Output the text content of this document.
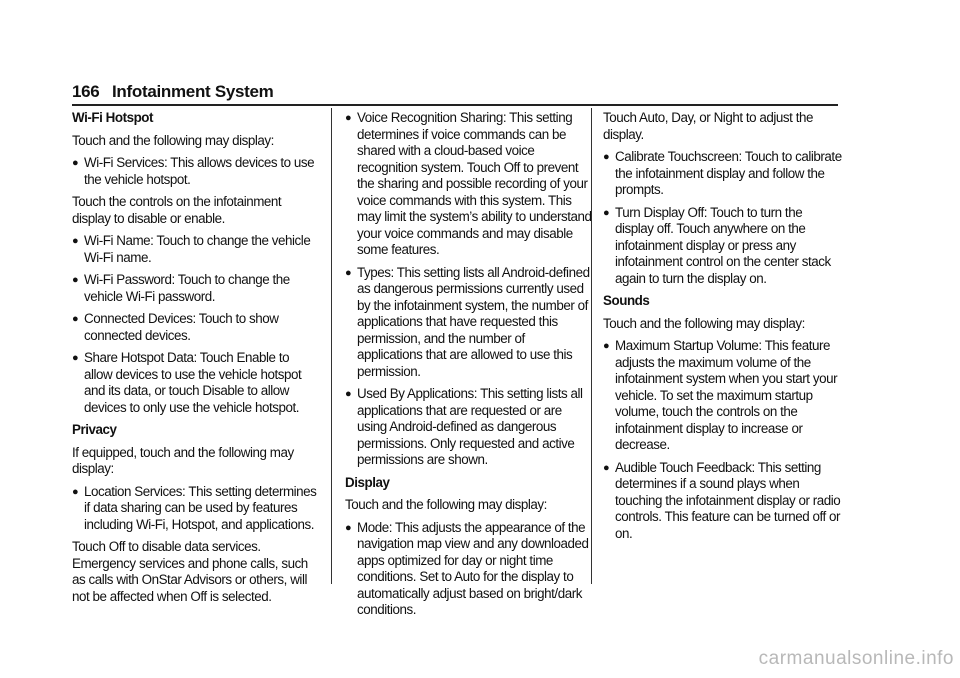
166 Infotainment System
Wi-Fi Hotspot

Touch and the following may display:

● Wi-Fi Services: This allows devices to use the vehicle hotspot.

Touch the controls on the infotainment display to disable or enable.

● Wi-Fi Name: Touch to change the vehicle Wi-Fi name.
● Wi-Fi Password: Touch to change the vehicle Wi-Fi password.
● Connected Devices: Touch to show connected devices.
● Share Hotspot Data: Touch Enable to allow devices to use the vehicle hotspot and its data, or touch Disable to allow devices to only use the vehicle hotspot.
Privacy

If equipped, touch and the following may display:

● Location Services: This setting determines if data sharing can be used by features including Wi-Fi, Hotspot, and applications.

Touch Off to disable data services. Emergency services and phone calls, such as calls with OnStar Advisors or others, will not be affected when Off is selected.

● Voice Recognition Sharing: This setting determines if voice commands can be shared with a cloud-based voice recognition system. Touch Off to prevent the sharing and possible recording of your voice commands with this system. This may limit the system’s ability to understand your voice commands and may disable some features.
● Types: This setting lists all Android-defined as dangerous permissions currently used by the infotainment system, the number of applications that have requested this permission, and the number of applications that are allowed to use this permission.
● Used By Applications: This setting lists all applications that are requested or are using Android-defined as dangerous permissions. Only requested and active permissions are shown.
Display

Touch and the following may display:

● Mode: This adjusts the appearance of the navigation map view and any downloaded apps optimized for day or night time conditions. Set to Auto for the display to automatically adjust based on bright/dark conditions.

Touch Auto, Day, or Night to adjust the display.

● Calibrate Touchscreen: Touch to calibrate the infotainment display and follow the prompts.
● Turn Display Off: Touch to turn the display off. Touch anywhere on the infotainment display or press any infotainment control on the center stack again to turn the display on.
Sounds

Touch and the following may display:

● Maximum Startup Volume: This feature adjusts the maximum volume of the infotainment system when you start your vehicle. To set the maximum startup volume, touch the controls on the infotainment display to increase or decrease.
● Audible Touch Feedback: This setting determines if a sound plays when touching the infotainment display or radio controls. This feature can be turned off or on.
carmanualsonline.info
